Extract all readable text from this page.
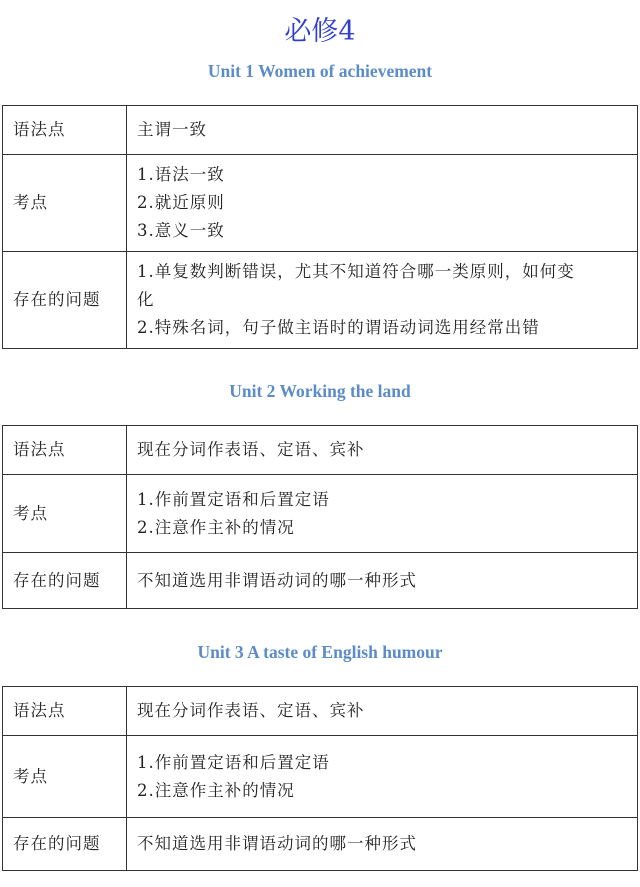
必修4
Unit 1 Women of achievement
语法点	主谓一致

考点	1.语法一致
2.就近原则
3.意义一致

存在的问题	1.单复数判断错误，尤其不知道符合哪一类原则，如何变
化
2.特殊名词，句子做主语时的谓语动词选用经常出错
Unit 2 Working the land
语法点	现在分词作表语、定语、宾补

考点	1.作前置定语和后置定语
2.注意作主补的情况

存在的问题	不知道选用非谓语动词的哪一种形式
Unit 3 A taste of English humour
语法点	现在分词作表语、定语、宾补

考点	1.作前置定语和后置定语
2.注意作主补的情况

存在的问题	不知道选用非谓语动词的哪一种形式
